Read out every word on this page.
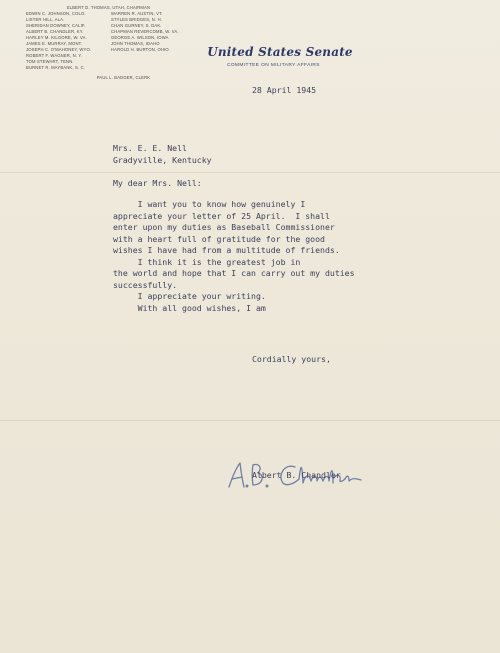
ELBERT D. THOMAS, UTAH, CHAIRMAN
EDWIN C. JOHNSON, COLO.
LISTER HILL, ALA.
SHERIDAN DOWNEY, CALIF.
ALBERT B. CHANDLER, KY.
HARLEY M. KILGORE, W. VA.
JAMES E. MURRAY, MONT.
JOSEPH C. O'MAHONEY, WYO.
ROBERT F. WAGNER, N. Y.
TOM STEWART, TENN.
BURNET R. MAYBANK, S. C.
WARREN R. AUSTIN, VT.
STYLES BRIDGES, N. H.
CHAN GURNEY, S. DAK.
CHAPMAN REVERCOMB, W. VA.
GEORGE A. WILSON, IOWA
JOHN THOMAS, IDAHO
HAROLD H. BURTON, OHIO
PAUL L. BADGER, CLERK
United States Senate
COMMITTEE ON MILITARY AFFAIRS
28 April 1945
Mrs. E. E. Nell
Gradyville, Kentucky
My dear Mrs. Nell:
I want you to know how genuinely I
appreciate your letter of 25 April.  I shall
enter upon my duties as Baseball Commissioner
with a heart full of gratitude for the good
wishes I have had from a multitude of friends.
I think it is the greatest job in
the world and hope that I can carry out my duties
successfully.
I appreciate your writing.
With all good wishes, I am
Cordially yours,
Albert B. Chandler
